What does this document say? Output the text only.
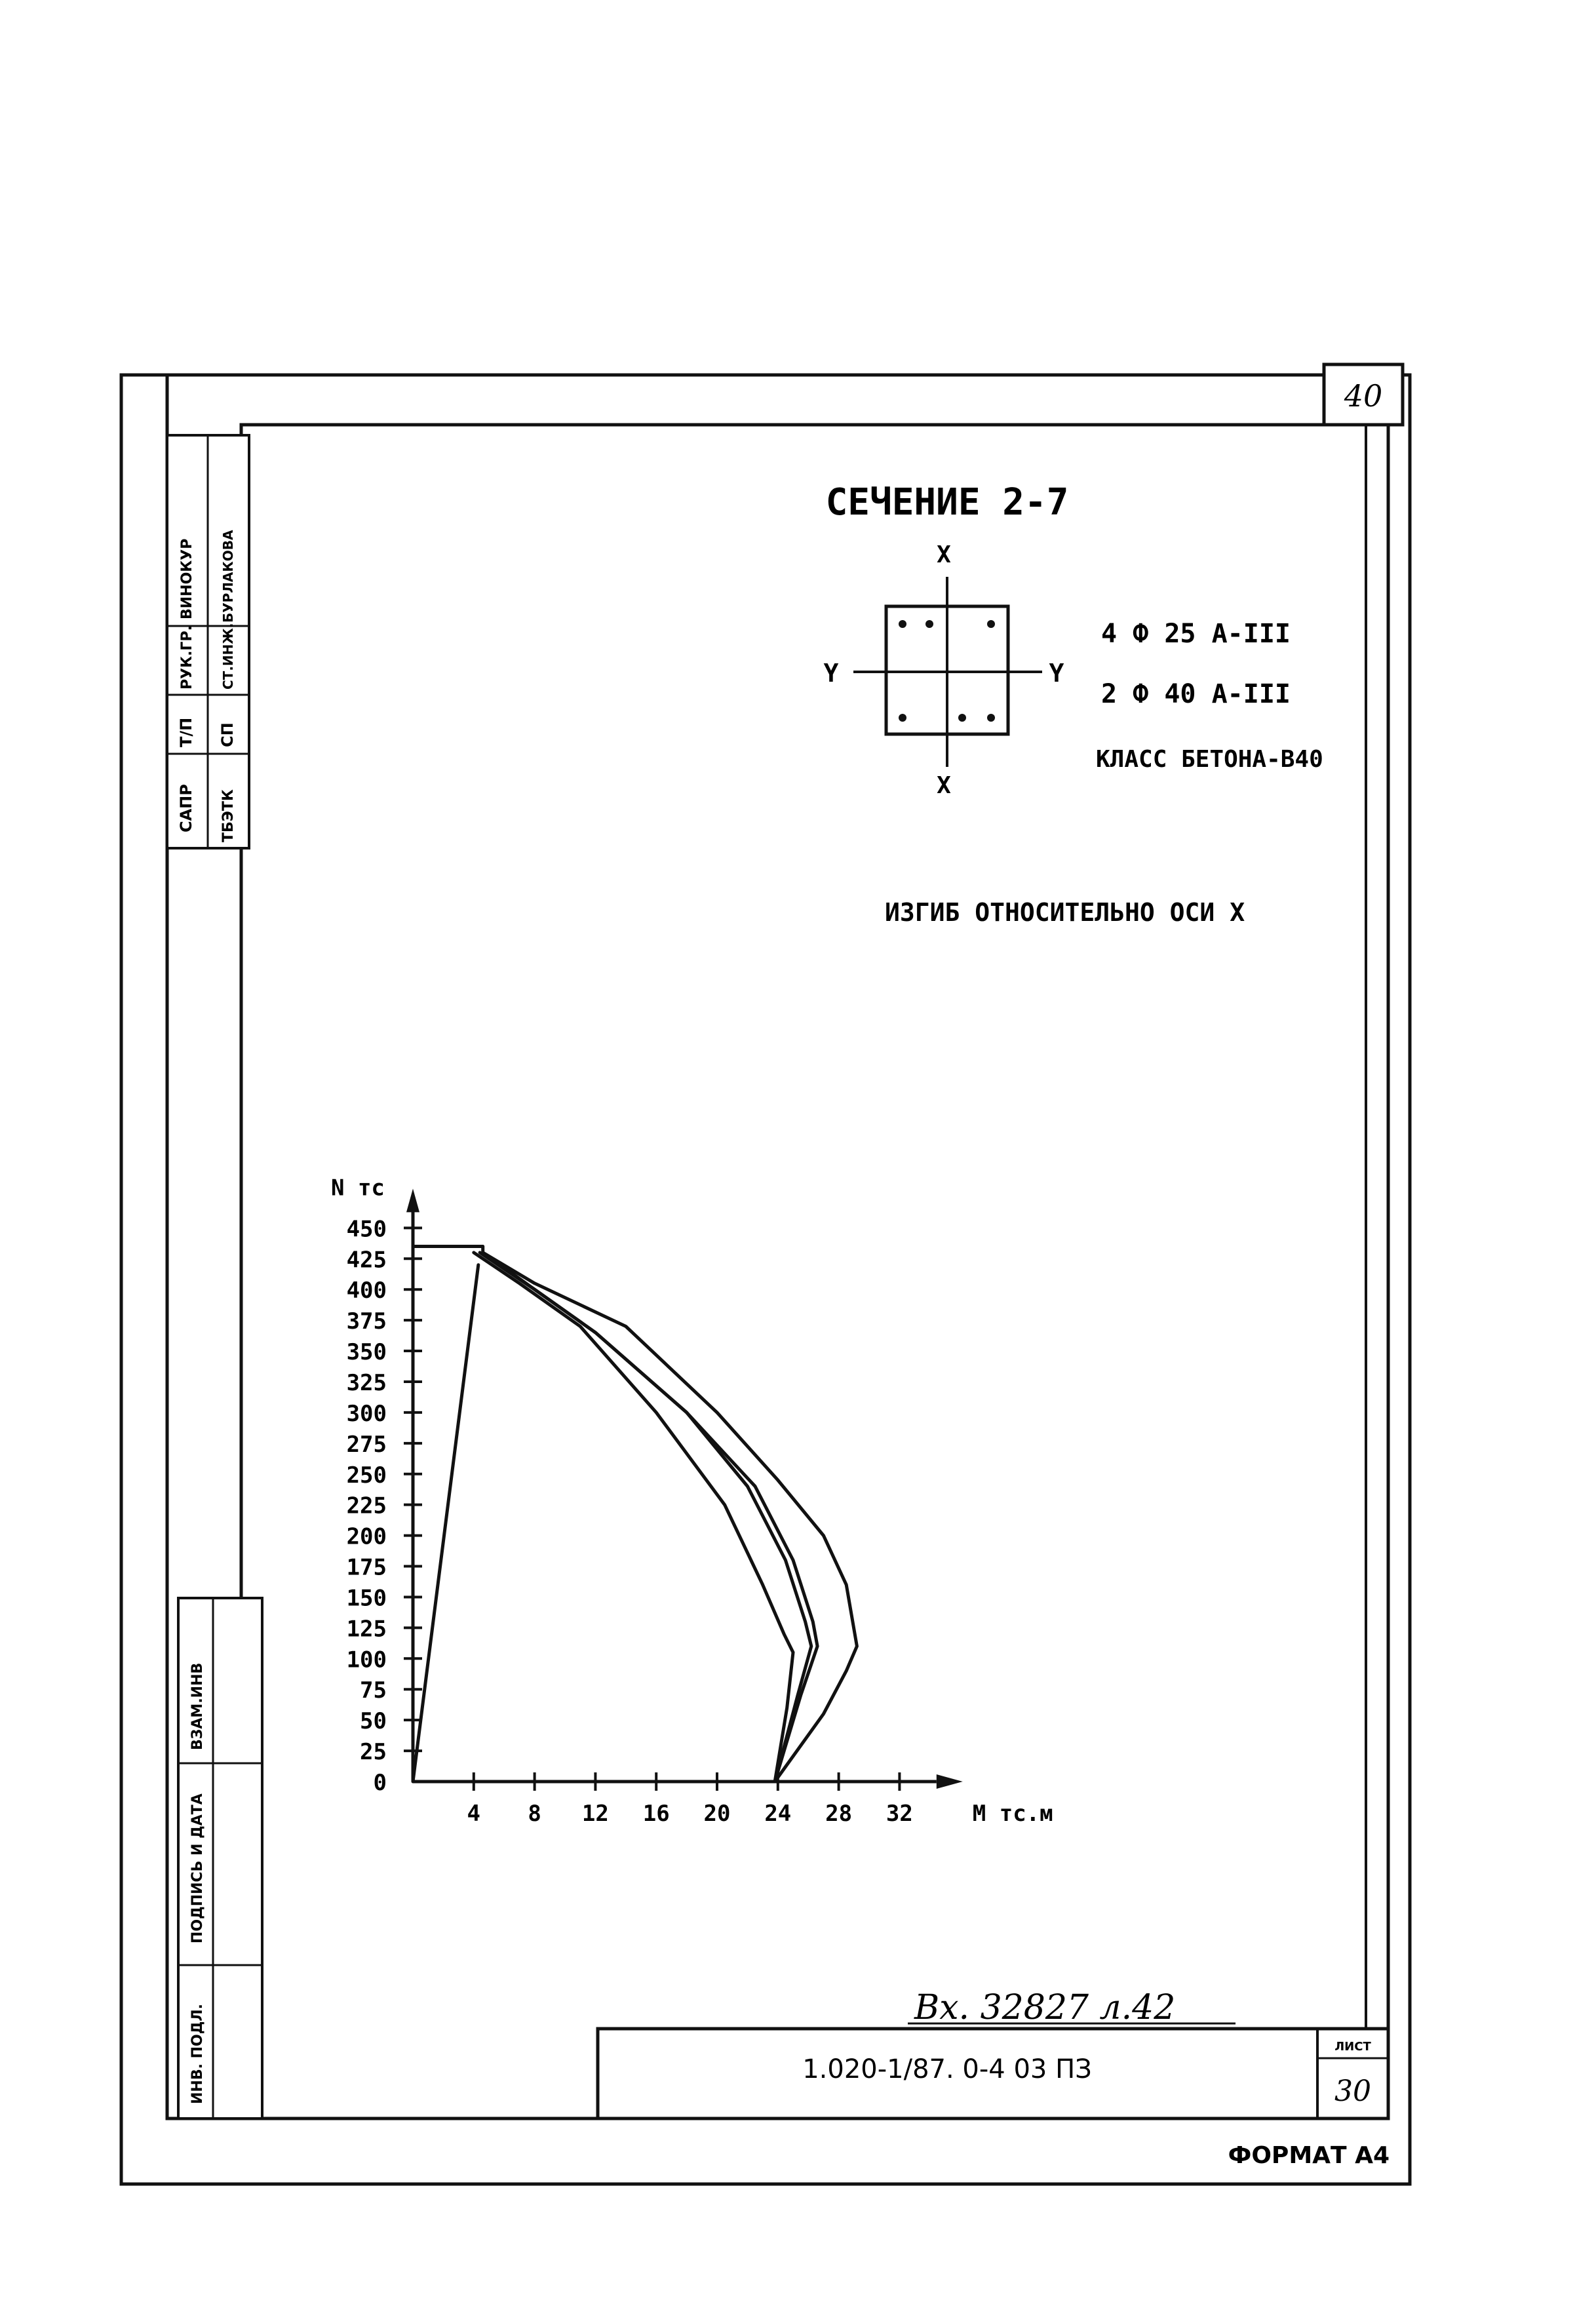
40
САПР
Т/П
РУК.ГР.
ВИНОКУР
ТБЭТК
СП
СТ.ИНЖ.
БУРЛАКОВА
ВЗАМ.ИНВ
ПОДПИСЬ И ДАТА
ИНВ. ПОДЛ.	1.020-1/87. 0-4 03 ПЗ
ЛИСТ
30
Вх. 32827 л.42
ФОРМАТ А4
СЕЧЕНИЕ 2-7
X
X
Y	Y
4 Ф 25 А-III
2 Ф 40 А-III
КЛАСС БЕТОНА-В40
ИЗГИБ ОТНОСИТЕЛЬНО ОСИ X
0
25
50
75
100
125
150
175
200
225
250
275
300
325
350
375
400
425
450
4 8 12 16 20 24 28 32
N тс
М тс.м
